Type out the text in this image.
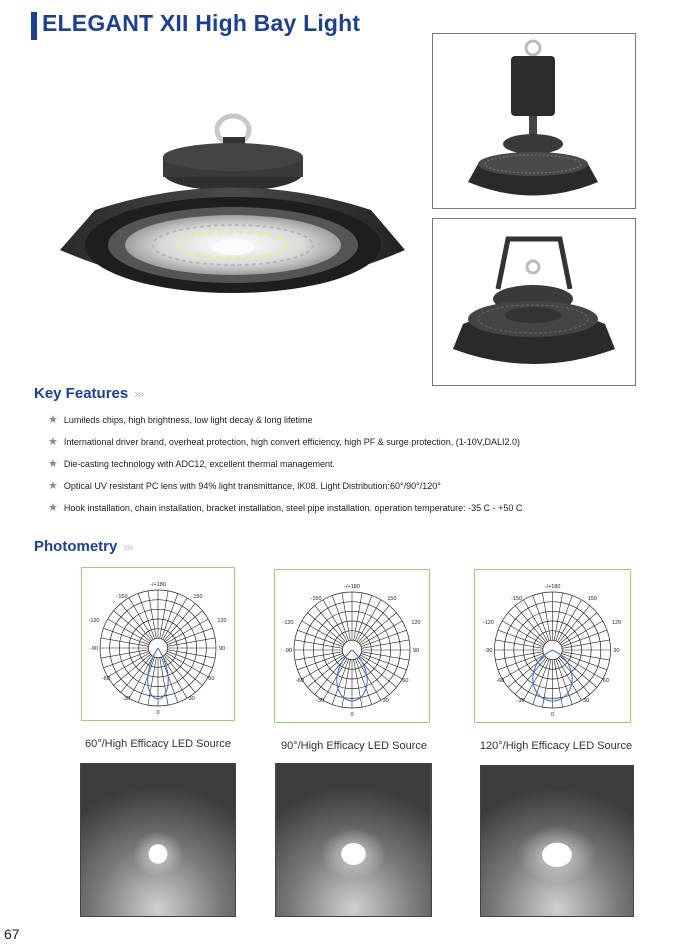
ELEGANT XII High Bay Light
Key Features ›››
★ Lumileds chips, high brightness, low light decay & long lifetime
★ International driver brand, overheat protection, high convert efficiency, high PF & surge protection, (1-10V,DALI2.0)
★ Die-casting technology with ADC12, excellent thermal management.
★ Optical UV resistant PC lens with 94% light transmittance, IK08. Light Distribution:60°/90°/120°
★ Hook installation, chain installation, bracket installation, steel pipe installation. operation temperature: -35 C - +50 C
Photometry ›››
-/+180
-150	150
-120	120
-90	90
-60	60
-30	30
0
-/+180
-150	150
-120	120
-90	90
-60	60
-30	30
0
-/+180
-150	150
-120	120
-90	90
-60	60
-30	30
0
60°/High Efficacy LED Source	90°/High Efficacy LED Source	120°/High Efficacy LED Source
67
